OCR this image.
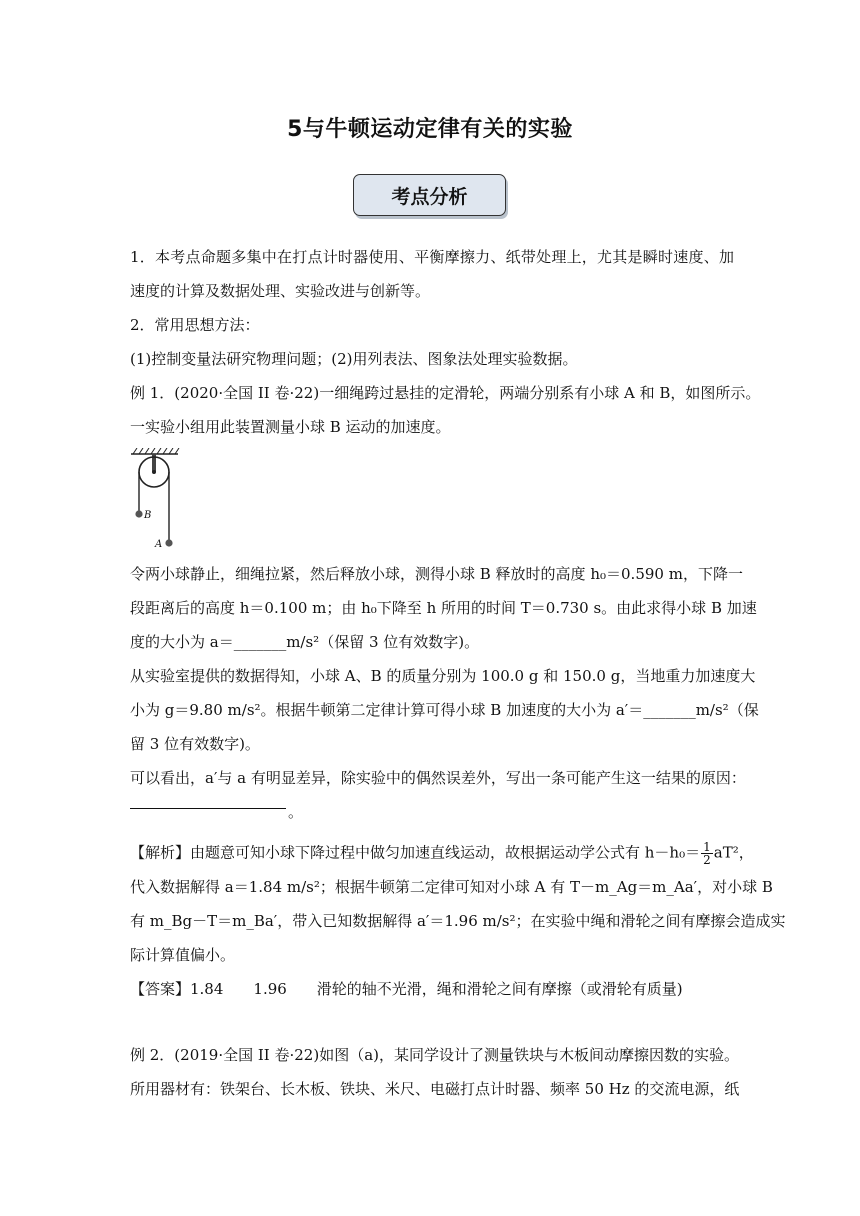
5与牛顿运动定律有关的实验
考点分析
1．本考点命题多集中在打点计时器使用、平衡摩擦力、纸带处理上，尤其是瞬时速度、加
速度的计算及数据处理、实验改进与创新等。
2．常用思想方法：
(1)控制变量法研究物理问题；(2)用列表法、图象法处理实验数据。
例 1．(2020·全国 II 卷·22)一细绳跨过悬挂的定滑轮，两端分别系有小球 A 和 B，如图所示。
一实验小组用此装置测量小球 B 运动的加速度。
B
A
令两小球静止，细绳拉紧，然后释放小球，测得小球 B 释放时的高度 h₀＝0.590 m，下降一
段距离后的高度 h＝0.100 m；由 h₀下降至 h 所用的时间 T＝0.730 s。由此求得小球 B 加速
度的大小为 a＝_______m/s²（保留 3 位有效数字)。
从实验室提供的数据得知，小球 A、B 的质量分别为 100.0 g 和 150.0 g，当地重力加速度大
小为 g＝9.80 m/s²。根据牛顿第二定律计算可得小球 B 加速度的大小为 a′＝_______m/s²（保
留 3 位有效数字)。
可以看出，a′与 a 有明显差异，除实验中的偶然误差外，写出一条可能产生这一结果的原因：
。
【解析】由题意可知小球下降过程中做匀加速直线运动，故根据运动学公式有 $h-h_0= \frac{1}{2} aT^2$，
代入数据解得 a＝1.84 m/s²；根据牛顿第二定律可知对小球 A 有 T－m_Ag＝m_Aa′，对小球 B
有 m_Bg－T＝m_Ba′，带入已知数据解得 a′＝1.96 m/s²；在实验中绳和滑轮之间有摩擦会造成实
际计算值偏小。
【答案】1.84　　1.96　　滑轮的轴不光滑，绳和滑轮之间有摩擦（或滑轮有质量)
例 2．(2019·全国 II 卷·22)如图（a)，某同学设计了测量铁块与木板间动摩擦因数的实验。
所用器材有：铁架台、长木板、铁块、米尺、电磁打点计时器、频率 50 Hz 的交流电源，纸
